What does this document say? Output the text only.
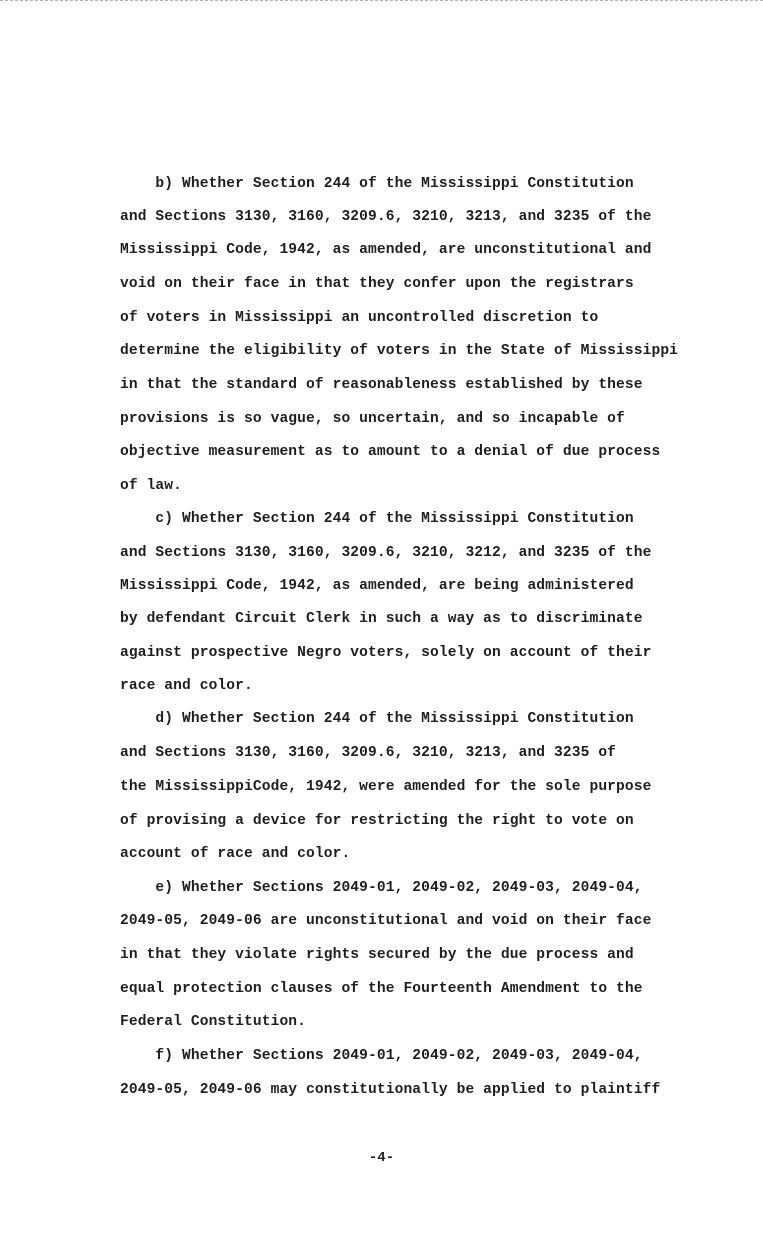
b) Whether Section 244 of the Mississippi Constitution
and Sections 3130, 3160, 3209.6, 3210, 3213, and 3235 of the
Mississippi Code, 1942, as amended, are unconstitutional and
void on their face in that they confer upon the registrars
of voters in Mississippi an uncontrolled discretion to
determine the eligibility of voters in the State of Mississippi
in that the standard of reasonableness established by these
provisions is so vague, so uncertain, and so incapable of
objective measurement as to amount to a denial of due process
of law.
c) Whether Section 244 of the Mississippi Constitution
and Sections 3130, 3160, 3209.6, 3210, 3212, and 3235 of the
Mississippi Code, 1942, as amended, are being administered
by defendant Circuit Clerk in such a way as to discriminate
against prospective Negro voters, solely on account of their
race and color.
d) Whether Section 244 of the Mississippi Constitution
and Sections 3130, 3160, 3209.6, 3210, 3213, and 3235 of
the MississippiCode, 1942, were amended for the sole purpose
of provising a device for restricting the right to vote on
account of race and color.
e) Whether Sections 2049-01, 2049-02, 2049-03, 2049-04,
2049-05, 2049-06 are unconstitutional and void on their face
in that they violate rights secured by the due process and
equal protection clauses of the Fourteenth Amendment to the
Federal Constitution.
f) Whether Sections 2049-01, 2049-02, 2049-03, 2049-04,
2049-05, 2049-06 may constitutionally be applied to plaintiff
-4-
